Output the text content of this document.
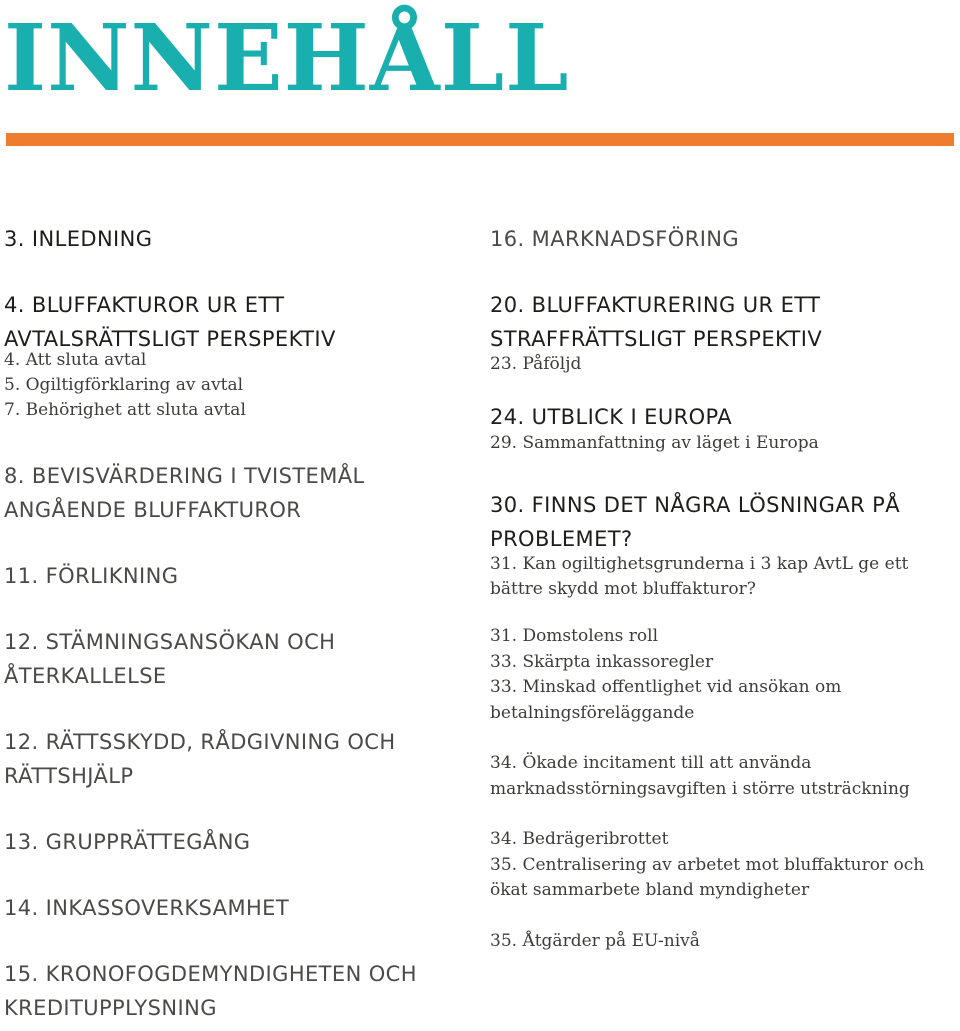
INNEHÅLL
3. INLEDNING
4. BLUFFAKTUROR UR ETT
AVTALSRÄTTSLIGT PERSPEKTIV
4. Att sluta avtal
5. Ogiltigförklaring av avtal
7. Behörighet att sluta avtal
8. BEVISVÄRDERING I TVISTEMÅL
ANGÅENDE BLUFFAKTUROR
11. FÖRLIKNING
12. STÄMNINGSANSÖKAN OCH
ÅTERKALLELSE
12. RÄTTSSKYDD, RÅDGIVNING OCH
RÄTTSHJÄLP
13. GRUPPRÄTTEGÅNG
14. INKASSOVERKSAMHET
15. KRONOFOGDEMYNDIGHETEN OCH
KREDITUPPLYSNING
16. MARKNADSFÖRING
20. BLUFFAKTURERING UR ETT
STRAFFRÄTTSLIGT PERSPEKTIV
23. Påföljd
24. UTBLICK I EUROPA
29. Sammanfattning av läget i Europa
30. FINNS DET NÅGRA LÖSNINGAR PÅ
PROBLEMET?
31. Kan ogiltighetsgrunderna i 3 kap AvtL ge ett
bättre skydd mot bluffakturor?
31. Domstolens roll
33. Skärpta inkassoregler
33. Minskad offentlighet vid ansökan om
betalningsföreläggande
34. Ökade incitament till att använda
marknadsstörningsavgiften i större utsträckning
34. Bedrägeribrottet
35. Centralisering av arbetet mot bluffakturor och
ökat sammarbete bland myndigheter
35. Åtgärder på EU-nivå
